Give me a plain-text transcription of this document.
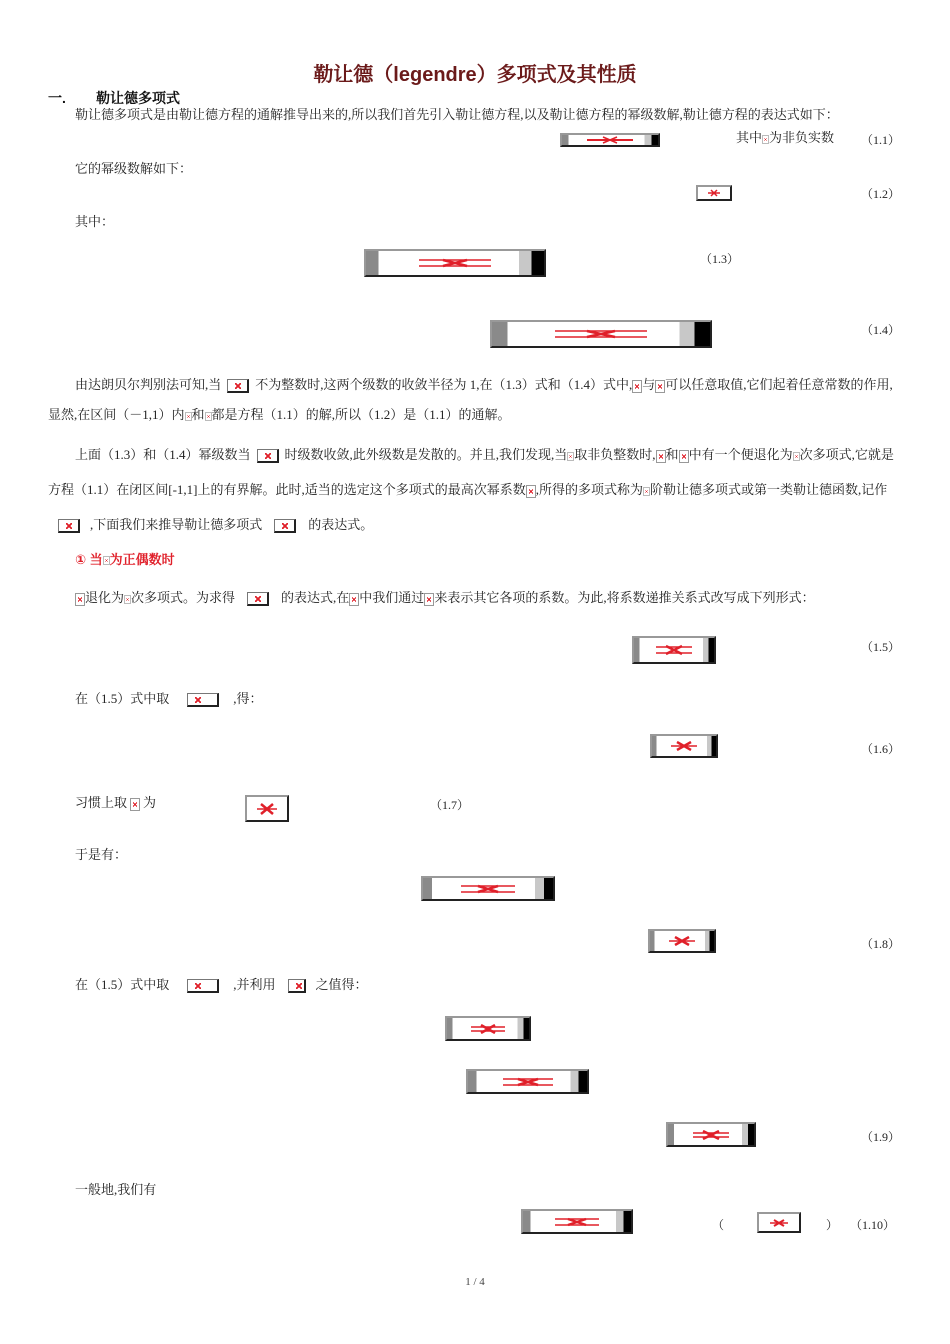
勒让德（legendre）多项式及其性质
一. 勒让德多项式
勒让德多项式是由勒让德方程的通解推导出来的,所以我们首先引入勒让德方程,以及勒让德方程的幂级数解,勒让德方程的表达式如下：
其中 为非负实数 （1.1）
它的幂级数解如下：
（1.2）
其中：
（1.3）
（1.4）
由达朗贝尔判别法可知,当	不为整数时,这两个级数的收敛半径为 1,在（1.3）式和（1.4）式中, 与 可以任意取值,它们起着任意常数的作用,显然,在区间（－1,1）内 和 都是方程（1.1）的解,所以（1.2）是（1.1）的通解。
上面（1.3）和（1.4）幂级数当	时级数收敛,此外级数是发散的。并且,我们发现,当 取非负整数时, 和 中有一个便退化为 次多项式,它就是方程（1.1）在闭区间[-1,1]上的有界解。此时,适当的选定这个多项式的最高次幂系数 ,所得的多项式称为 阶勒让德多项式或第一类勒让德函数,记作,下面我们来推导勒让德多项式	的表达式。
① 当 为正偶数时
退化为 次多项式。为求得	的表达式,在 中我们通过 来表示其它各项的系数。为此,将系数递推关系式改写成下列形式：
（1.5）
在（1.5）式中取	,得：
（1.6）
习惯上取 为	（1.7）
于是有：
（1.8）
在（1.5）式中取	,并利用	之值得：
（1.9）
一般地,我们有
（	） （1.10）
1 / 4
